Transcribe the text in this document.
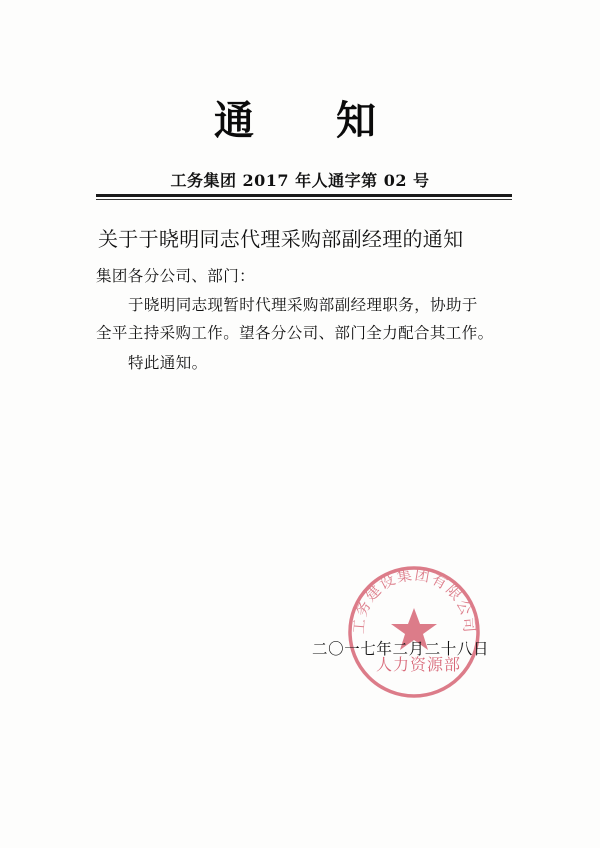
通 知
工务集团 2017 年人通字第 02 号
关于于晓明同志代理采购部副经理的通知
集团各分公司、部门：
于晓明同志现暂时代理采购部副经理职务，协助于
全平主持采购工作。望各分公司、部门全力配合其工作。
特此通知。
工务建设集团有限公司
人力资源部
二〇一七年二月二十八日
